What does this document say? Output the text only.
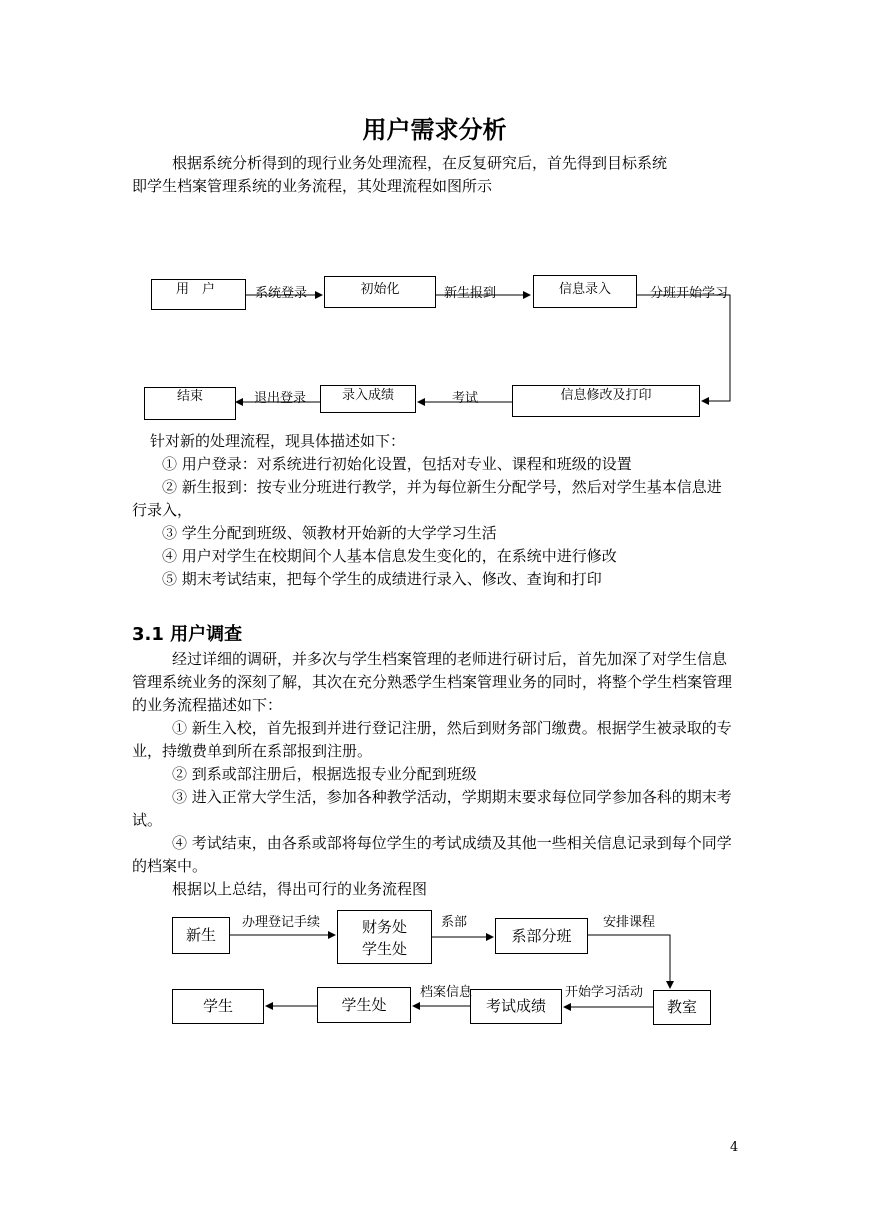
用户需求分析
根据系统分析得到的现行业务处理流程，在反复研究后，首先得到目标系统
即学生档案管理系统的业务流程，其处理流程如图所示
用　户	初始化	信息录入
结束	录入成绩	信息修改及打印
系统登录	新生报到	分班开始学习
退出登录	考试
针对新的处理流程，现具体描述如下：
① 用户登录：对系统进行初始化设置，包括对专业、课程和班级的设置
② 新生报到：按专业分班进行教学，并为每位新生分配学号，然后对学生基本信息进
行录入，
③ 学生分配到班级、领教材开始新的大学学习生活
④ 用户对学生在校期间个人基本信息发生变化的，在系统中进行修改
⑤ 期末考试结束，把每个学生的成绩进行录入、修改、查询和打印
3.1 用户调查
经过详细的调研，并多次与学生档案管理的老师进行研讨后，首先加深了对学生信息
管理系统业务的深刻了解，其次在充分熟悉学生档案管理业务的同时，将整个学生档案管理
的业务流程描述如下：
① 新生入校，首先报到并进行登记注册，然后到财务部门缴费。根据学生被录取的专
业，持缴费单到所在系部报到注册。
② 到系或部注册后，根据选报专业分配到班级
③ 进入正常大学生活，参加各种教学活动，学期期末要求每位同学参加各科的期末考
试。
④ 考试结束，由各系或部将每位学生的考试成绩及其他一些相关信息记录到每个同学
的档案中。
根据以上总结，得出可行的业务流程图
新生	财务处
学生处
系部分班
教室
考试成绩
学生处
学生
办理登记手续	系部	安排课程
开始学习活动
档案信息
4
